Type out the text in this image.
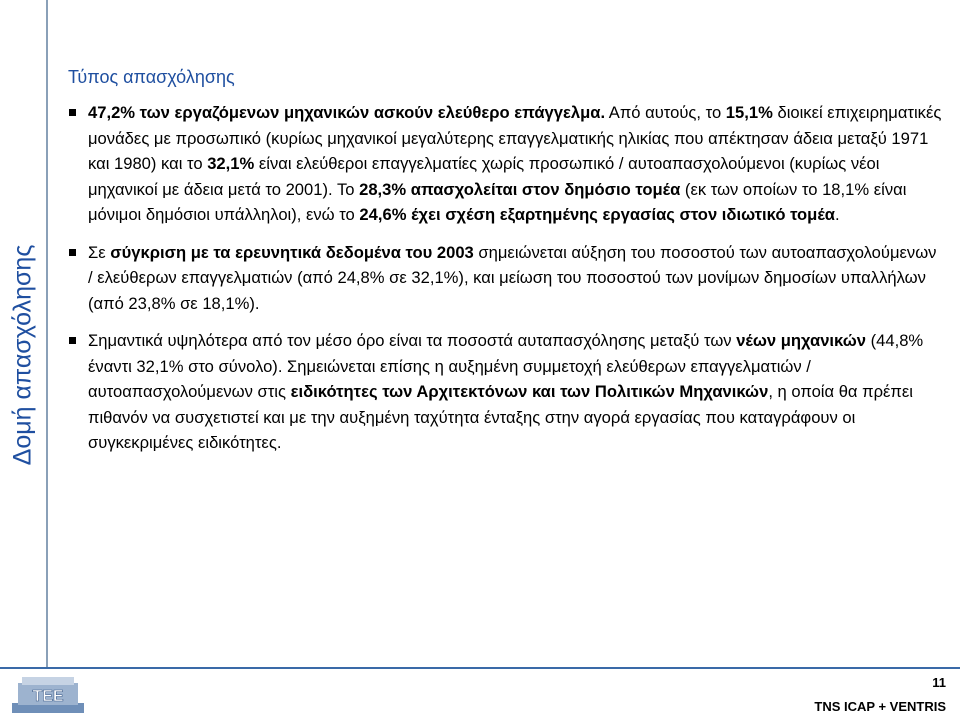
Δομή απασχόλησης
Τύπος απασχόλησης
47,2% των εργαζόμενων μηχανικών ασκούν ελεύθερο επάγγελμα. Από αυτούς, το 15,1% διοικεί επιχειρηματικές μονάδες με προσωπικό (κυρίως μηχανικοί μεγαλύτερης επαγγελματικής ηλικίας που απέκτησαν άδεια μεταξύ 1971 και 1980) και το 32,1% είναι ελεύθεροι επαγγελματίες χωρίς προσωπικό / αυτοαπασχολούμενοι (κυρίως νέοι μηχανικοί με άδεια μετά το 2001). Το 28,3% απασχολείται στον δημόσιο τομέα (εκ των οποίων το 18,1% είναι μόνιμοι δημόσιοι υπάλληλοι), ενώ το 24,6% έχει σχέση εξαρτημένης εργασίας στον ιδιωτικό τομέα.
Σε σύγκριση με τα ερευνητικά δεδομένα του 2003 σημειώνεται αύξηση του ποσοστού των αυτοαπασχολούμενων / ελεύθερων επαγγελματιών (από 24,8% σε 32,1%), και μείωση του ποσοστού των μονίμων δημοσίων υπαλλήλων (από 23,8% σε 18,1%).
Σημαντικά υψηλότερα από τον μέσο όρο είναι τα ποσοστά αυταπασχόλησης μεταξύ των νέων μηχανικών (44,8% έναντι 32,1% στο σύνολο). Σημειώνεται επίσης η αυξημένη συμμετοχή ελεύθερων επαγγελματιών / αυτοαπασχολούμενων στις ειδικότητες των Αρχιτεκτόνων και των Πολιτικών Μηχανικών, η οποία θα πρέπει πιθανόν να συσχετιστεί και με την αυξημένη ταχύτητα ένταξης στην αγορά εργασίας που καταγράφουν οι συγκεκριμένες ειδικότητες.
TEE
11
TNS ICAP + VENTRIS
